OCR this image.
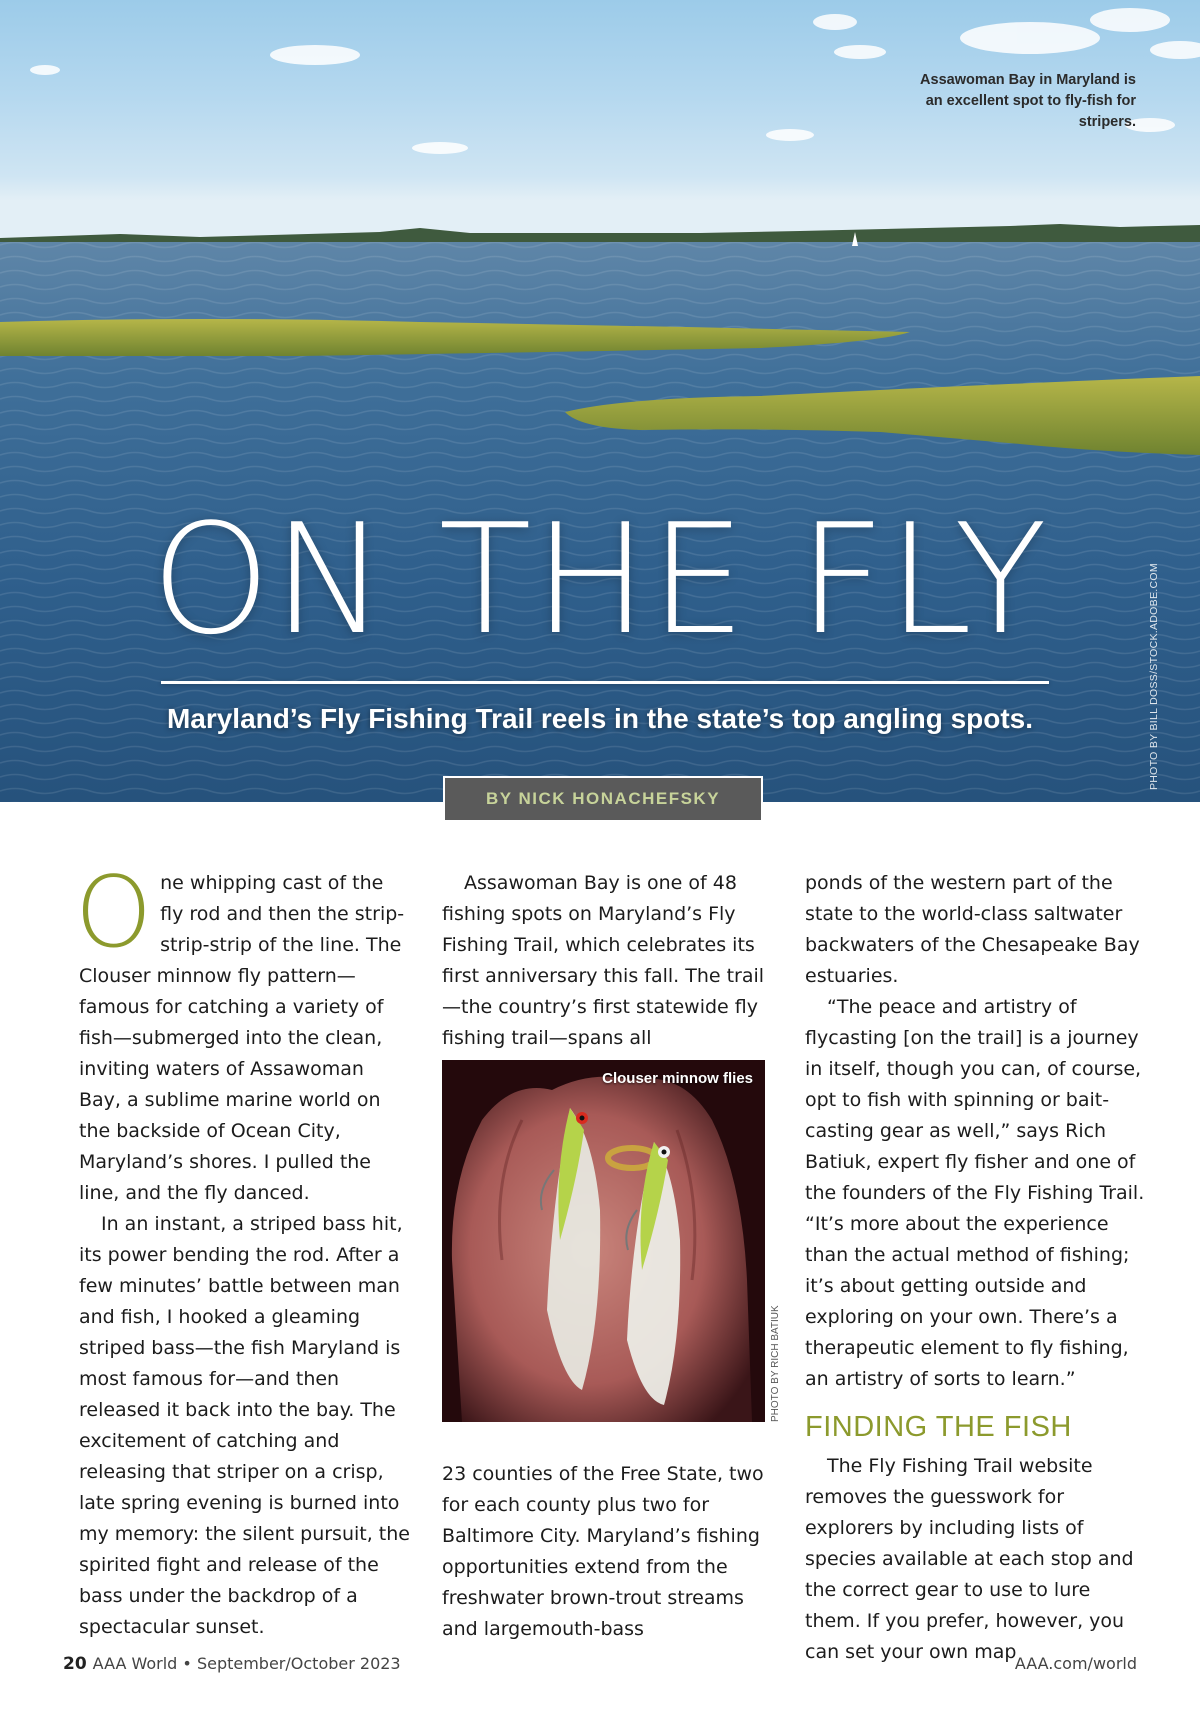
Assawoman Bay in Maryland is an excellent spot to fly-fish for stripers.
ON THE FLY
Maryland’s Fly Fishing Trail reels in the state’s top angling spots.	PHOTO BY BILL DOSS/STOCK.ADOBE.COM
BY NICK HONACHEFSKY

One whipping cast of the fly rod and then the strip-strip-strip of the line. The Clouser minnow fly pattern—famous for catching a variety of fish—submerged into the clean, inviting waters of Assawoman Bay, a sublime marine world on the backside of Ocean City, Maryland’s shores. I pulled the line, and the fly danced.

In an instant, a striped bass hit, its power bending the rod. After a few minutes’ battle between man and fish, I hooked a gleaming striped bass—the fish Maryland is most famous for—and then released it back into the bay. The excitement of catching and releasing that striper on a crisp, late spring evening is burned into my memory: the silent pursuit, the spirited fight and release of the bass under the backdrop of a spectacular sunset.

Assawoman Bay is one of 48 fishing spots on Maryland’s Fly Fishing Trail, which celebrates its first anniversary this fall. The trail—the country’s first statewide fly fishing trail—spans all

Clouser minnow flies
PHOTO BY RICH BATIUK

23 counties of the Free State, two for each county plus two for Baltimore City. Maryland’s fishing opportunities extend from the freshwater brown-trout streams and largemouth-bass

ponds of the western part of the state to the world-class saltwater backwaters of the Chesapeake Bay estuaries.

“The peace and artistry of flycasting [on the trail] is a journey in itself, though you can, of course, opt to fish with spinning or bait-casting gear as well,” says Rich Batiuk, expert fly fisher and one of the founders of the Fly Fishing Trail. “It’s more about the experience than the actual method of fishing; it’s about getting outside and exploring on your own. There’s a therapeutic element to fly fishing, an artistry of sorts to learn.”

FINDING THE FISH

The Fly Fishing Trail website removes the guesswork for explorers by including lists of species available at each stop and the correct gear to use to lure them. If you prefer, however, you can set your own map

20 AAA World • September/October 2023	AAA.com/world
